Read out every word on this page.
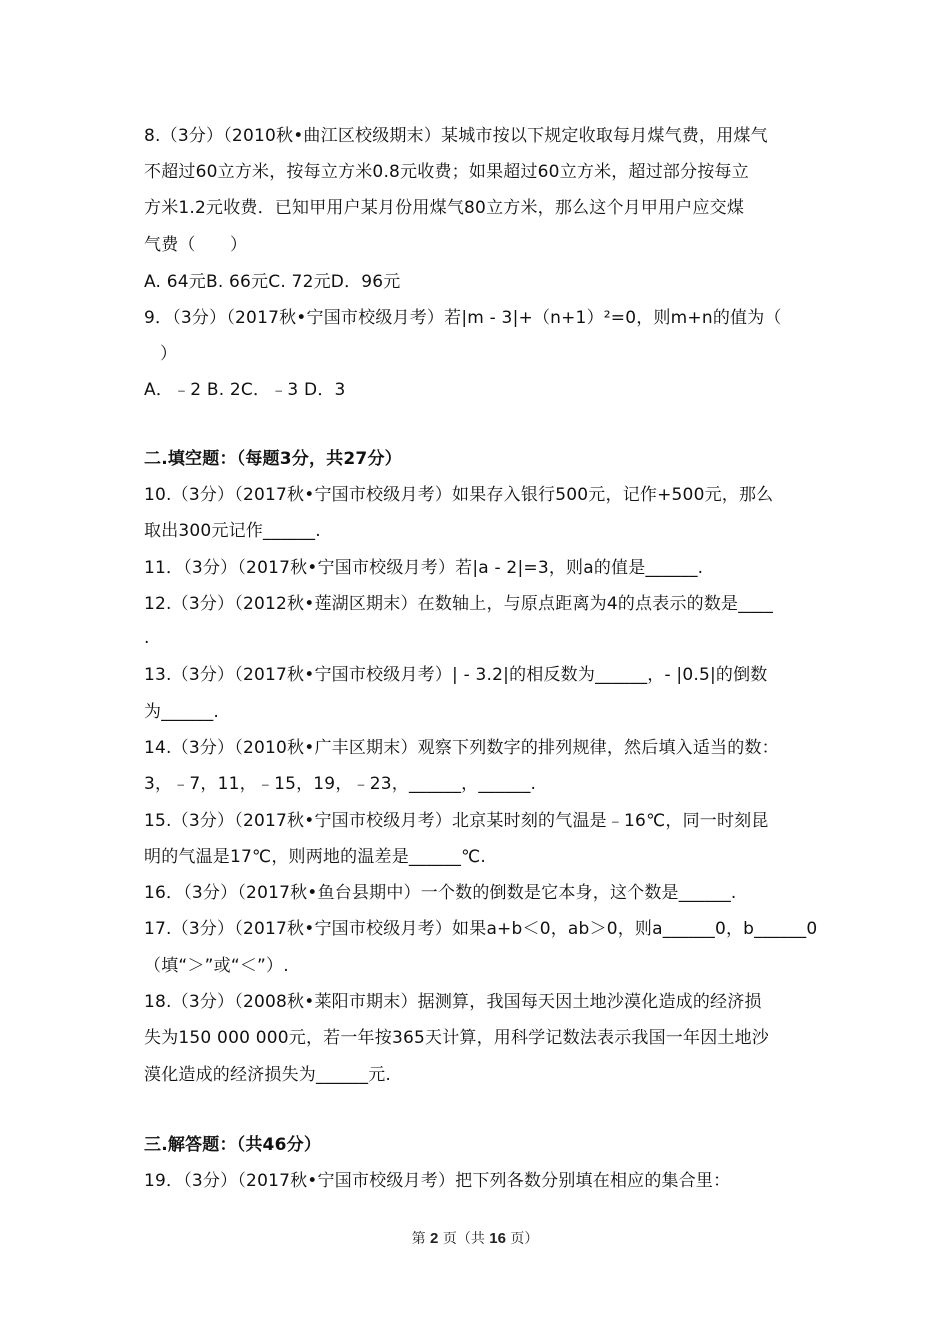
8.（3分）（2010秋•曲江区校级期末）某城市按以下规定收取每月煤气费，用煤气
不超过60立方米，按每立方米0.8元收费；如果超过60立方米，超过部分按每立
方米1.2元收费．已知甲用户某月份用煤气80立方米，那么这个月甲用户应交煤
气费（　　）
A. 64元B. 66元C. 72元D．96元
9．（3分）（2017秋•宁国市校级月考）若|m - 3|+（n+1）²=0，则m+n的值为（
）
A．﹣2 B. 2C．﹣3 D．3
二.填空题：（每题3分，共27分）
10.（3分）（2017秋•宁国市校级月考）如果存入银行500元，记作+500元，那么
取出300元记作______.
11．（3分）（2017秋•宁国市校级月考）若|a - 2|=3，则a的值是______.
12.（3分）（2012秋•莲湖区期末）在数轴上，与原点距离为4的点表示的数是____
.
13.（3分）（2017秋•宁国市校级月考）| - 3.2|的相反数为______，- |0.5|的倒数
为______.
14.（3分）（2010秋•广丰区期末）观察下列数字的排列规律，然后填入适当的数：
3，﹣7，11，﹣15，19，﹣23，______，______.
15.（3分）（2017秋•宁国市校级月考）北京某时刻的气温是﹣16℃，同一时刻昆
明的气温是17℃，则两地的温差是______℃.
16．（3分）（2017秋•鱼台县期中）一个数的倒数是它本身，这个数是______.
17.（3分）（2017秋•宁国市校级月考）如果a+b＜0，ab＞0，则a______0，b______0
（填“＞”或“＜”）.
18.（3分）（2008秋•莱阳市期末）据测算，我国每天因土地沙漠化造成的经济损
失为150 000 000元，若一年按365天计算，用科学记数法表示我国一年因土地沙
漠化造成的经济损失为______元.
三.解答题：（共46分）
19．（3分）（2017秋•宁国市校级月考）把下列各数分别填在相应的集合里：
第 2 页（共 16 页）
